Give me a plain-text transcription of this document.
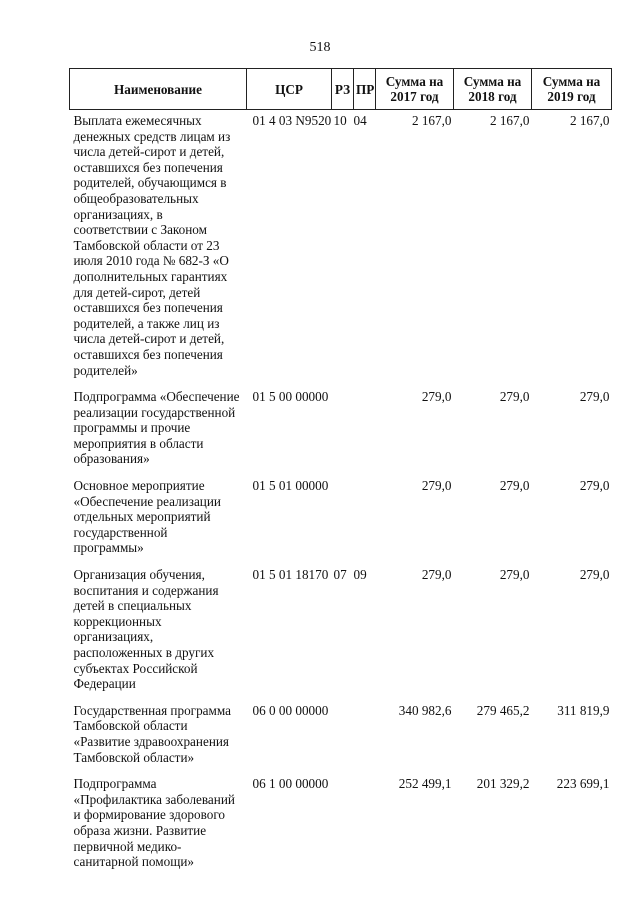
518
Наименование	ЦСР	РЗ	ПР	Сумма на 2017 год	Сумма на 2018 год	Сумма на 2019 год
Выплата ежемесячных денежных средств лицам из числа детей-сирот и детей, оставшихся без попечения родителей, обучающимся в общеобразовательных организациях, в соответствии с Законом Тамбовской области от 23 июля 2010 года № 682-З «О дополнительных гарантиях для детей-сирот, детей оставшихся без попечения родителей, а также лиц из числа детей-сирот и детей, оставшихся без попечения родителей»	01 4 03 N9520	10	04	2 167,0	2 167,0	2 167,0
Подпрограмма «Обеспечение реализации государственной программы и прочие мероприятия в области образования»	01 5 00 00000			279,0	279,0	279,0
Основное мероприятие «Обеспечение реализации отдельных мероприятий государственной программы»	01 5 01 00000			279,0	279,0	279,0
Организация обучения, воспитания и содержания детей в специальных коррекционных организациях, расположенных в других субъектах Российской Федерации	01 5 01 18170	07	09	279,0	279,0	279,0
Государственная программа Тамбовской области «Развитие здравоохранения Тамбовской области»	06 0 00 00000			340 982,6	279 465,2	311 819,9
Подпрограмма «Профилактика заболеваний и формирование здорового образа жизни. Развитие первичной медико-санитарной помощи»	06 1 00 00000			252 499,1	201 329,2	223 699,1
